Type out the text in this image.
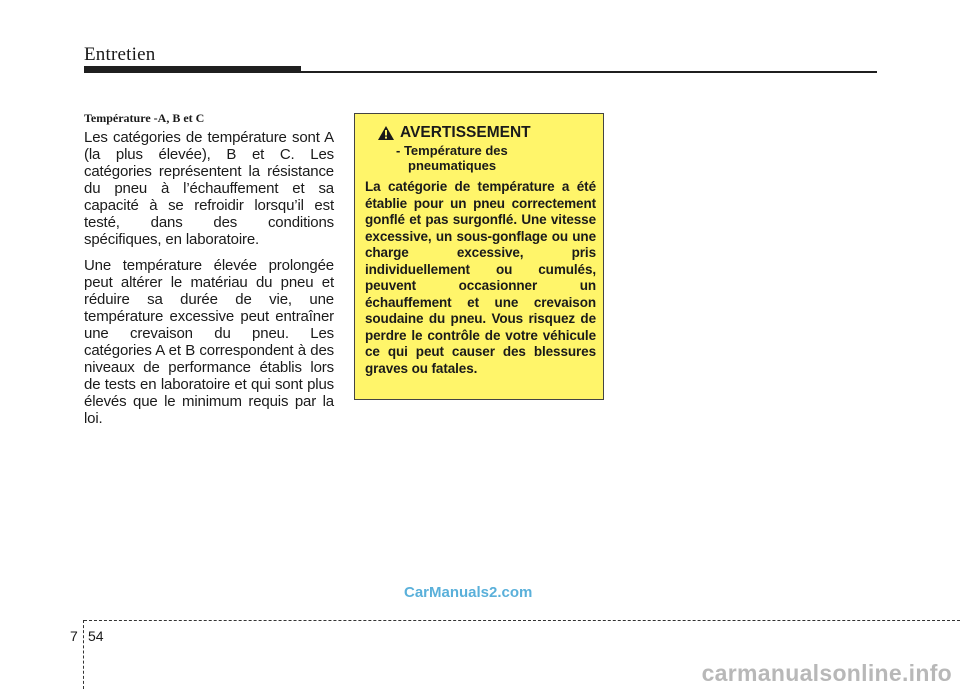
Entretien
Température -A, B et C

Les catégories de température sont A (la plus élevée), B et C. Les catégories représentent la résistance du pneu à l’échauffement et sa capacité à se refroidir lorsqu’il est testé, dans des conditions spécifiques, en laboratoire.

Une température élevée prolongée peut altérer le matériau du pneu et réduire sa durée de vie, une température excessive peut entraîner une crevaison du pneu. Les catégories A et B correspondent à des niveaux de performance établis lors de tests en laboratoire et qui sont plus élevés que le minimum requis par la loi.

AVERTISSEMENT
- Température des pneumatiques

La catégorie de température a été établie pour un pneu correctement gonflé et pas surgonflé. Une vitesse excessive, un sous-gonflage ou une charge excessive, pris individuellement ou cumulés, peuvent occasionner un échauffement et une crevaison soudaine du pneu. Vous risquez de perdre le contrôle de votre véhicule ce qui peut causer des blessures graves ou fatales.

CarManuals2.com
7 54
carmanualsonline.info
